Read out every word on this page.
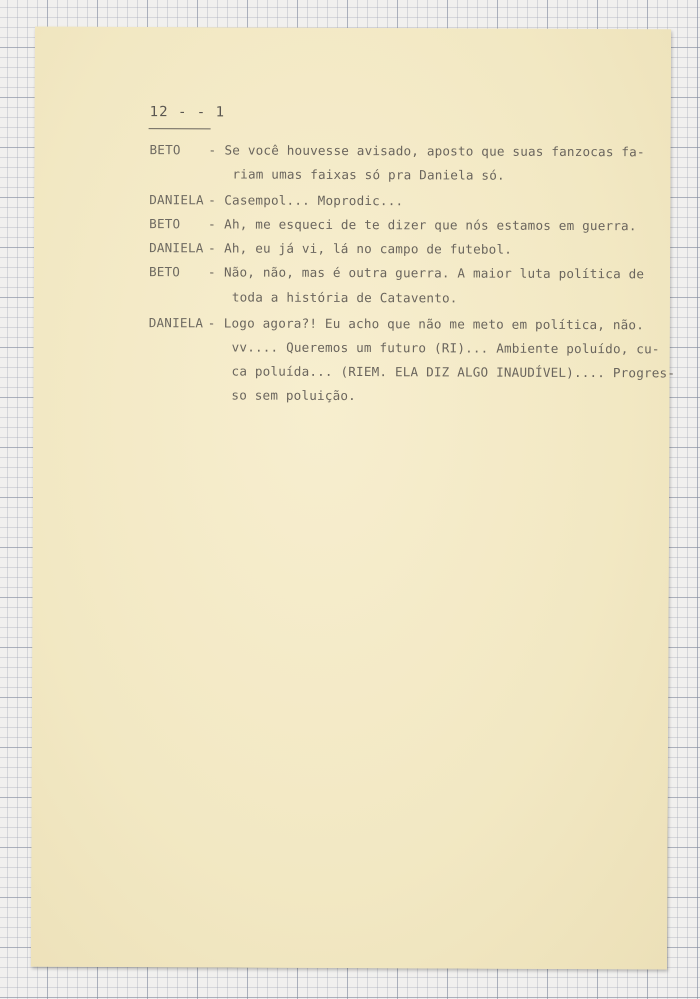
12 - - 1
BETO - Se você houvesse avisado, aposto que suas fanzocas fa-
riam umas faixas só pra Daniela só.
DANIELA - Casempol... Moprodic...
BETO - Ah, me esqueci de te dizer que nós estamos em guerra.
DANIELA - Ah, eu já vi, lá no campo de futebol.
BETO - Não, não, mas é outra guerra. A maior luta política de
toda a história de Catavento.
DANIELA - Logo agora?! Eu acho que não me meto em política, não.
vv.... Queremos um futuro (RI)... Ambiente poluído, cu-
ca poluída... (RIEM. ELA DIZ ALGO INAUDÍVEL).... Progres-
so sem poluição.
